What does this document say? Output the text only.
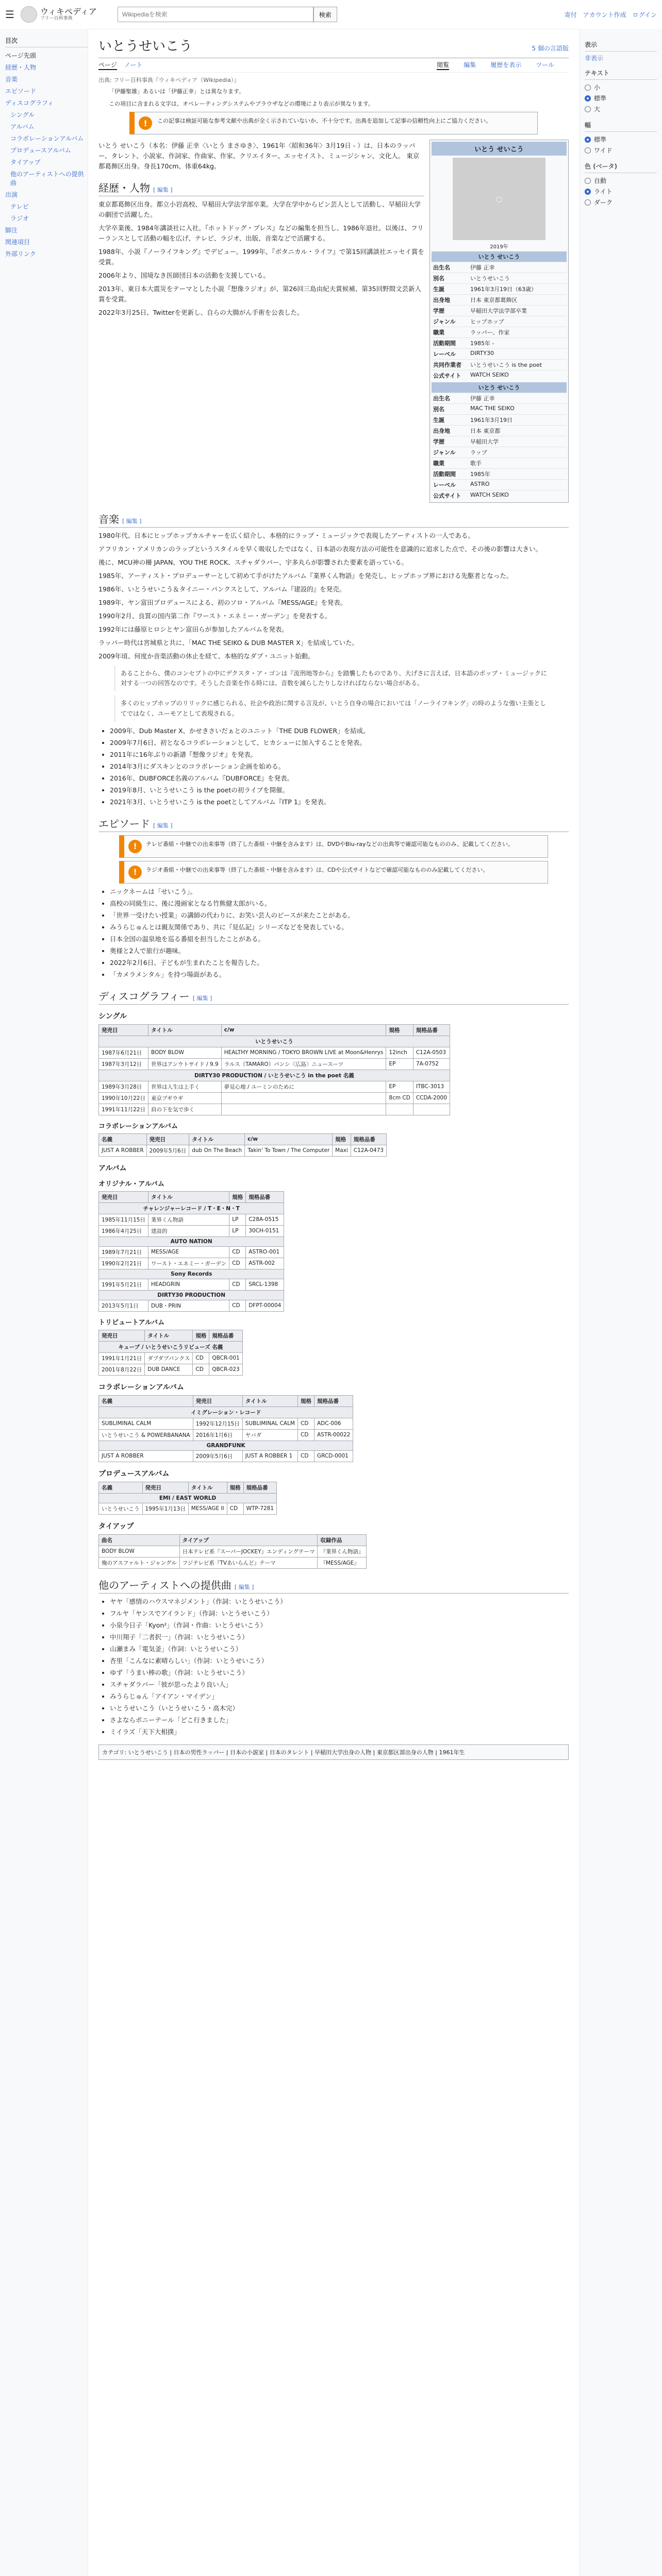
☰	ウィキペディア
フリー百科事典
Wikipediaを検索
検索	寄付 アカウント作成 ログイン
目次
ページ先頭
経歴・人物
音楽
エピソード
ディスコグラフィ
シングル
アルバム
コラボレーションアルバム
プロデュースアルバム
タイアップ
他のアーティストへの提供曲
出演
テレビ
ラジオ
脚注
関連項目
外部リンク
いとうせいこう	5 個の言語版
ページ ノート	閲覧 編集 履歴を表示 ツール
出典: フリー百科事典『ウィキペディア（Wikipedia）』
「伊藤聖雄」あるいは「伊藤正幸」とは異なります。
この項目に含まれる文字は、オペレーティングシステムやブラウザなどの環境により表示が異なります。
!	この記事は検証可能な参考文献や出典が全く示されていないか、不十分です。出典を追加して記事の信頼性向上にご協力ください。

いとう せいこう（本名：伊藤 正幸〈いとう まさゆき〉、1961年〈昭和36年〉3月19日 - ）は、日本のラッパー、タレント、小説家、作詞家、作曲家、作家、クリエイター、エッセイスト、ミュージシャン、文化人。 東京都葛飾区出身。身長170cm、体重64kg。

経歴・人物 [ 編集 ]

東京都葛飾区出身。都立小岩高校、早稲田大学法学部卒業。大学在学中からピン芸人として活動し、早稲田大学の劇団で活躍した。

大学卒業後、1984年講談社に入社。『ホットドッグ・プレス』などの編集を担当し、1986年退社。以後は、フリーランスとして活動の幅を広げ、テレビ、ラジオ、出版、音楽などで活躍する。

1988年、小説『ノーライフキング』でデビュー。1999年、『ボタニカル・ライフ』で第15回講談社エッセイ賞を受賞。

2006年より、国境なき医師団日本の活動を支援している。

2013年、東日本大震災をテーマとした小説『想像ラジオ』が、第26回三島由紀夫賞候補、第35回野間文芸新人賞を受賞。

2022年3月25日、Twitterを更新し、自らの大腸がん手術を公表した。

いとう せいこう
◯
2019年
いとう せいこう
出生名	伊藤 正幸
別名	いとうせいこう
生誕	1961年3月19日（63歳）
出身地	日本 東京都葛飾区
学歴	早稲田大学法学部卒業
ジャンル	ヒップホップ
職業	ラッパー、作家
活動期間	1985年 -
レーベル	DIRTY30
共同作業者	いとうせいこう is the poet
公式サイト	WATCH SEIKO
いとう せいこう
出生名	伊藤 正幸
別名	MAC THE SEIKO
生誕	1961年3月19日
出身地	日本 東京都
学歴	早稲田大学
ジャンル	ラップ
職業	歌手
活動期間	1985年
レーベル	ASTRO
公式サイト	WATCH SEIKO
音楽 [ 編集 ]

1980年代、日本にヒップホップカルチャーを広く紹介し、本格的にラップ・ミュージックで表現したアーティストの一人である。

アフリカン・アメリカンのラップというスタイルを早く吸収したではなく、日本語の表現方法の可能性を意識的に追求した点で、その後の影響は大きい。

後に、MCU神の柵 JAPAN、YOU THE ROCK、スチャダラパー、宇多丸らが影響された要素を語っている。

1985年、アーティスト・プロデューサーとして初めて手がけたアルバム『業界くん物語』を発売し、ヒップホップ界における先駆者となった。

1986年、いとうせいこう＆タイニー・パンクスとして、アルバム『建設的』を発売。

1989年、ヤン富田プロデュースによる、初のソロ・アルバム『MESS/AGE』を発表。

1990年2月、良質の国内第二作『ワースト・エネミー・ガーデン』を発表する。

1992年には藤原ヒロシとヤン富田らが参加したアルバムを発表。

ラッパー時代は宮城県と共に、「MAC THE SEIKO & DUB MASTER X」を結成していた。

2009年頃、何度か音楽活動の休止を経て、本格的なダブ・ユニット始動。

あることから、僕のコンセプトの中にデクスタ・ア・ゴンは『流刑地等から』を踏襲したものであり、大げさに言えば、日本語のポップ・ミュージックに対する一つの回答なのです。そうした音楽を作る時には、音数を減らしたりしなければならない場合がある。
多くのヒップホップのリリックに感じられる、社会や政治に関する言及が、いとう自身の場合においては「ノーライフキング」の時のような強い主張としてではなく、ユーモアとして表現される。
• 2009年、Dub Master X、かせきさいだぁとのユニット「THE DUB FLOWER」を結成。
• 2009年7月6日、初となるコラボレーションとして、ヒカシューに加入することを発表。
• 2011年に16年ぶりの新譜『想像ラジオ』を発表。
• 2014年3月にダスキンとのコラボレーション企画を始める。
• 2016年、DUBFORCE名義のアルバム『DUBFORCE』を発表。
• 2019年8月、いとうせいこう is the poetの初ライブを開催。
• 2021年3月、いとうせいこう is the poetとしてアルバム『ITP 1』を発表。
エピソード [ 編集 ]
!	テレビ番組・中継での出来事等（終了した番組・中継を含みます）は、DVDやBlu-rayなどの出典等で確認可能なもののみ、記載してください。
!	ラジオ番組・中継での出来事等（終了した番組・中継を含みます）は、CDや公式サイトなどで確認可能なもののみ記載してください。
• ニックネームは「せいこう」。
• 高校の同級生に、後に漫画家となる竹熊健太郎がいる。
• 「世界一受けたい授業」の講師の代わりに、お笑い芸人のピースが来たことがある。
• みうらじゅんとは親友関係であり、共に『見仏記』シリーズなどを発表している。
• 日本全国の温泉地を巡る番組を担当したことがある。
• 奥様と2人で旅行が趣味。
• 2022年2月6日、子どもが生まれたことを報告した。
• 「カメラメンタル」を持つ場面がある。
ディスコグラフィー [ 編集 ]
シングル
発売日	タイトル	c/w	規格	規格品番
いとうせいこう				
1987年6月21日	BODY BLOW	HEALTHY MORNING / TOKYO BROWN LIVE at Moon&Henrys	12inch	C12A-0503
1987年3月12日	世界はアンウトサイド / 9.9	ラルス（TAMARO）パンシ〈広島〉ニュースーツ	EP	7A-0752
DIRTY30 PRODUCTION / いとうせいこう in the poet 名義				
1989年3月28日	世界は人生は上手く	夢見心地 / ユーミンのために	EP	ITBC-3013
1990年10月22日	東京ブギウギ		8cm CD	CCDA-2000
1991年11月22日	肩の下を気で歩く			
コラボレーションアルバム
名義	発売日	タイトル	c/w	規格	規格品番
JUST A ROBBER	2009年5月6日	dub On The Beach	Takin' To Town / The Computer	Maxi	C12A-0473
アルバム
オリジナル・アルバム
発売日	タイトル	規格	規格品番
チャレンジャーレコード / T・E・N・T			
1985年11月15日	業界くん物語	LP	C28A-0515
1986年4月25日	建設的	LP	30CH-0151
AUTO NATION			
1989年7月21日	MESS/AGE	CD	ASTRO-001
1990年2月21日	ワースト・エネミー・ガーデン	CD	ASTR-002
Sony Records			
1991年5月21日	HEADGRIN	CD	SRCL-1398
DIRTY30 PRODUCTION			
2013年5月1日	DUB・PRIN	CD	DFPT-00004
トリビュートアルバム
発売日	タイトル	規格	規格品番
キューブ / いとうせいこうリビューズ 名義			
1991年1月21日	ダブダブパンクス	CD	QBCR-001
2001年8月22日	DUB DANCE	CD	QBCR-023
コラボレーションアルバム
名義	発売日	タイトル	規格	規格品番
イミグレーション・レコード				
SUBLIMINAL CALM	1992年12月15日	SUBLIMINAL CALM	CD	ADC-006
いとうせいこう & POWERBANANA	2016年1月6日	ヤバダ	CD	ASTR-00022
GRANDFUNK				
JUST A ROBBER	2009年5月6日	JUST A ROBBER 1	CD	GRCD-0001
プロデュースアルバム
名義	発売日	タイトル	規格	規格品番
EMI / EAST WORLD				
いとうせいこう	1995年1月13日	MESS/AGE II	CD	WTP-7281
タイアップ
曲名	タイアップ	収録作品
BODY BLOW	日本テレビ系『スーパーJOCKEY』エンディングテーマ	『業界くん物語』
俺のアスファルト・ジャングル	フジテレビ系『TVあいらんど』テーマ	『MESS/AGE』
他のアーティストへの提供曲 [ 編集 ]
• ヤヤ「感情のハウスマネジメント」（作詞：いとうせいこう）
• フルヤ「ヤンスでアイランド」（作詞：いとうせいこう）
• 小泉今日子「Kyon²」（作詞・作曲：いとうせいこう）
• 中川翔子「二者択一」（作詞：いとうせいこう）
• 山瀬まみ「電気釜」（作詞：いとうせいこう）
• 杏里「こんなに素晴らしい」（作詞：いとうせいこう）
• ゆず「うまい棒の歌」（作詞：いとうせいこう）
• スチャダラパー「彼が思ったより良い人」
• みうらじゅん「アイアン・マイデン」
• いとうせいこう（いとうせいこう・高木完）
• さよならポニーテール「どこ行きました」
• ミイラズ「天下大相撲」
カテゴリ: いとうせいこう | 日本の男性ラッパー | 日本の小説家 | 日本のタレント | 早稲田大学出身の人物 | 東京都区部出身の人物 | 1961年生
表示
非表示
テキスト
小
標準
大
幅
標準
ワイド
色 (ベータ)
自動
ライト
ダーク
